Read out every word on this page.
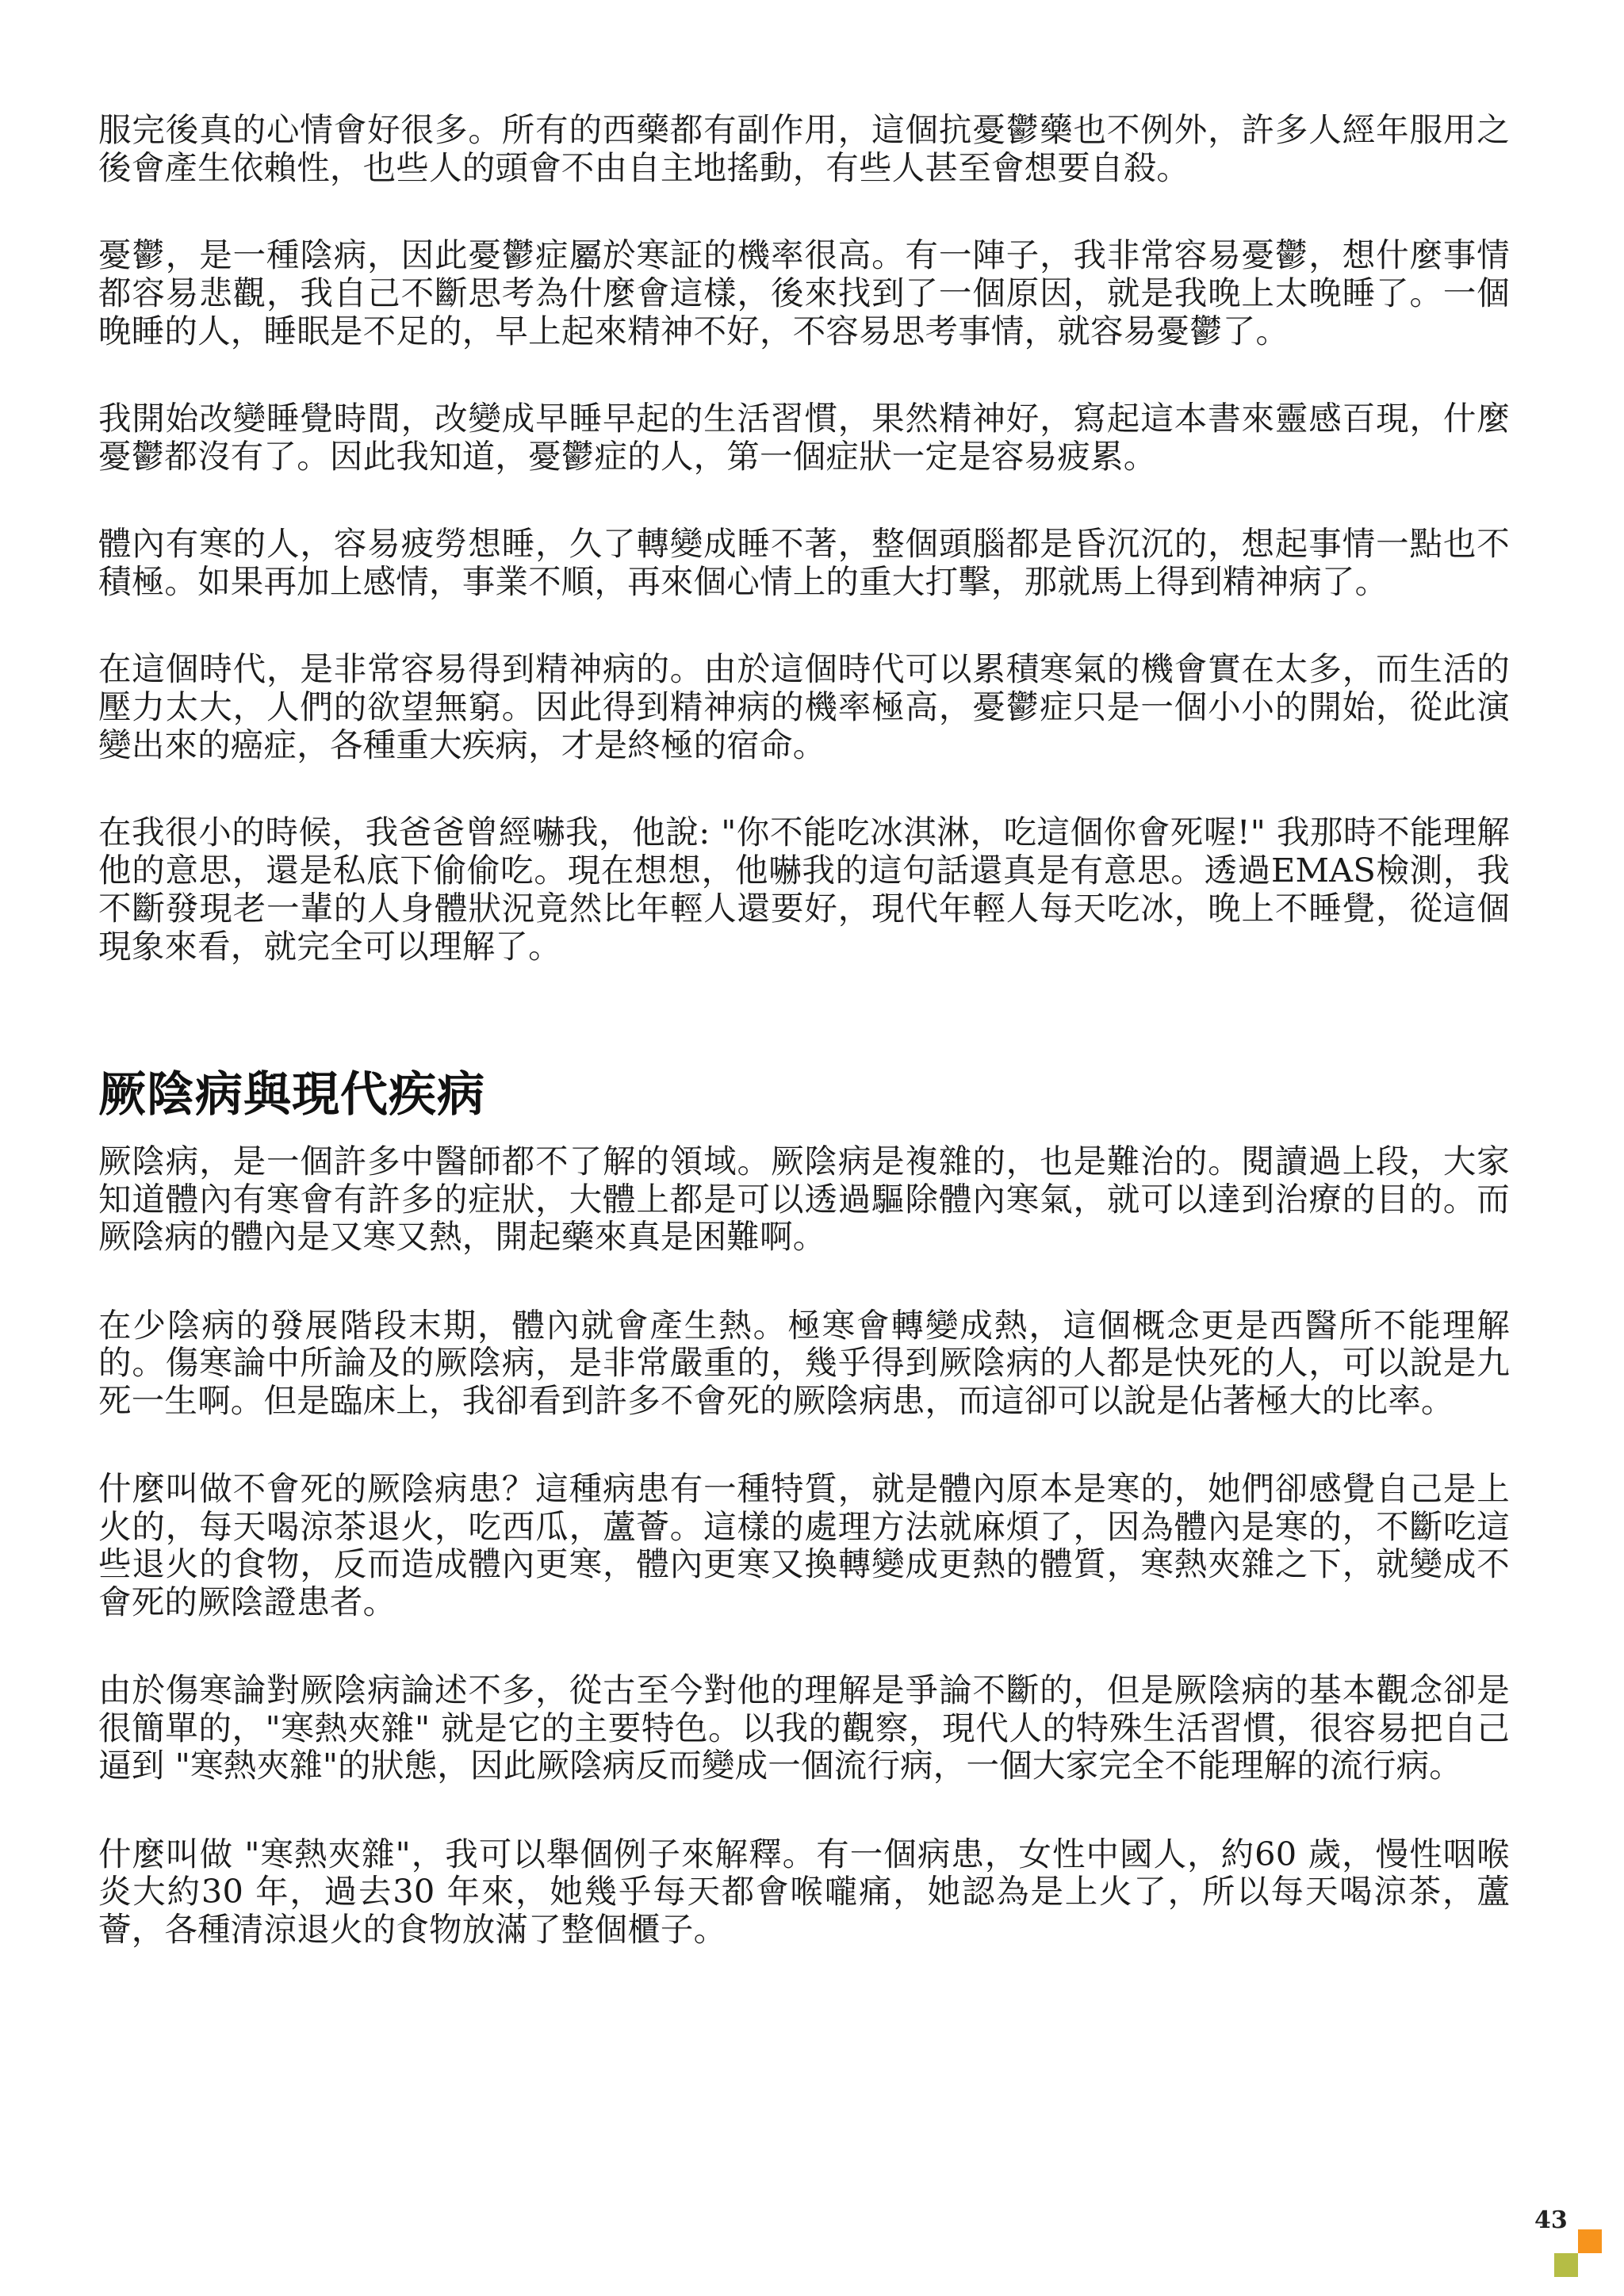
服完後真的心情會好很多。所有的西藥都有副作用，這個抗憂鬱藥也不例外，許多人經年服用之後會產生依賴性，也些人的頭會不由自主地搖動，有些人甚至會想要自殺。

憂鬱，是一種陰病，因此憂鬱症屬於寒証的機率很高。有一陣子，我非常容易憂鬱，想什麼事情都容易悲觀，我自己不斷思考為什麼會這樣，後來找到了一個原因，就是我晚上太晚睡了。一個晚睡的人，睡眠是不足的，早上起來精神不好，不容易思考事情，就容易憂鬱了。

我開始改變睡覺時間，改變成早睡早起的生活習慣，果然精神好，寫起這本書來靈感百現，什麼憂鬱都沒有了。因此我知道，憂鬱症的人，第一個症狀一定是容易疲累。

體內有寒的人，容易疲勞想睡，久了轉變成睡不著，整個頭腦都是昏沉沉的，想起事情一點也不積極。如果再加上感情，事業不順，再來個心情上的重大打擊，那就馬上得到精神病了。

在這個時代，是非常容易得到精神病的。由於這個時代可以累積寒氣的機會實在太多，而生活的壓力太大，人們的欲望無窮。因此得到精神病的機率極高，憂鬱症只是一個小小的開始，從此演變出來的癌症，各種重大疾病，才是終極的宿命。

在我很小的時候，我爸爸曾經嚇我，他說: "你不能吃冰淇淋，吃這個你會死喔!" 我那時不能理解他的意思，還是私底下偷偷吃。現在想想，他嚇我的這句話還真是有意思。透過EMAS檢測，我不斷發現老一輩的人身體狀況竟然比年輕人還要好，現代年輕人每天吃冰，晚上不睡覺，從這個現象來看，就完全可以理解了。

厥陰病與現代疾病

厥陰病，是一個許多中醫師都不了解的領域。厥陰病是複雜的，也是難治的。閱讀過上段，大家知道體內有寒會有許多的症狀，大體上都是可以透過驅除體內寒氣，就可以達到治療的目的。而厥陰病的體內是又寒又熱，開起藥來真是困難啊。

在少陰病的發展階段末期，體內就會產生熱。極寒會轉變成熱，這個概念更是西醫所不能理解的。傷寒論中所論及的厥陰病，是非常嚴重的，幾乎得到厥陰病的人都是快死的人，可以說是九死一生啊。但是臨床上，我卻看到許多不會死的厥陰病患，而這卻可以說是佔著極大的比率。

什麼叫做不會死的厥陰病患？這種病患有一種特質，就是體內原本是寒的，她們卻感覺自己是上火的，每天喝涼茶退火，吃西瓜，蘆薈。這樣的處理方法就麻煩了，因為體內是寒的，不斷吃這些退火的食物，反而造成體內更寒，體內更寒又換轉變成更熱的體質，寒熱夾雜之下，就變成不會死的厥陰證患者。

由於傷寒論對厥陰病論述不多，從古至今對他的理解是爭論不斷的，但是厥陰病的基本觀念卻是很簡單的，"寒熱夾雜" 就是它的主要特色。以我的觀察，現代人的特殊生活習慣，很容易把自己逼到 "寒熱夾雜"的狀態，因此厥陰病反而變成一個流行病，一個大家完全不能理解的流行病。

什麼叫做 "寒熱夾雜"，我可以舉個例子來解釋。有一個病患，女性中國人，約60 歲，慢性咽喉炎大約30 年，過去30 年來，她幾乎每天都會喉嚨痛，她認為是上火了，所以每天喝涼茶，蘆薈，各種清涼退火的食物放滿了整個櫃子。

43
